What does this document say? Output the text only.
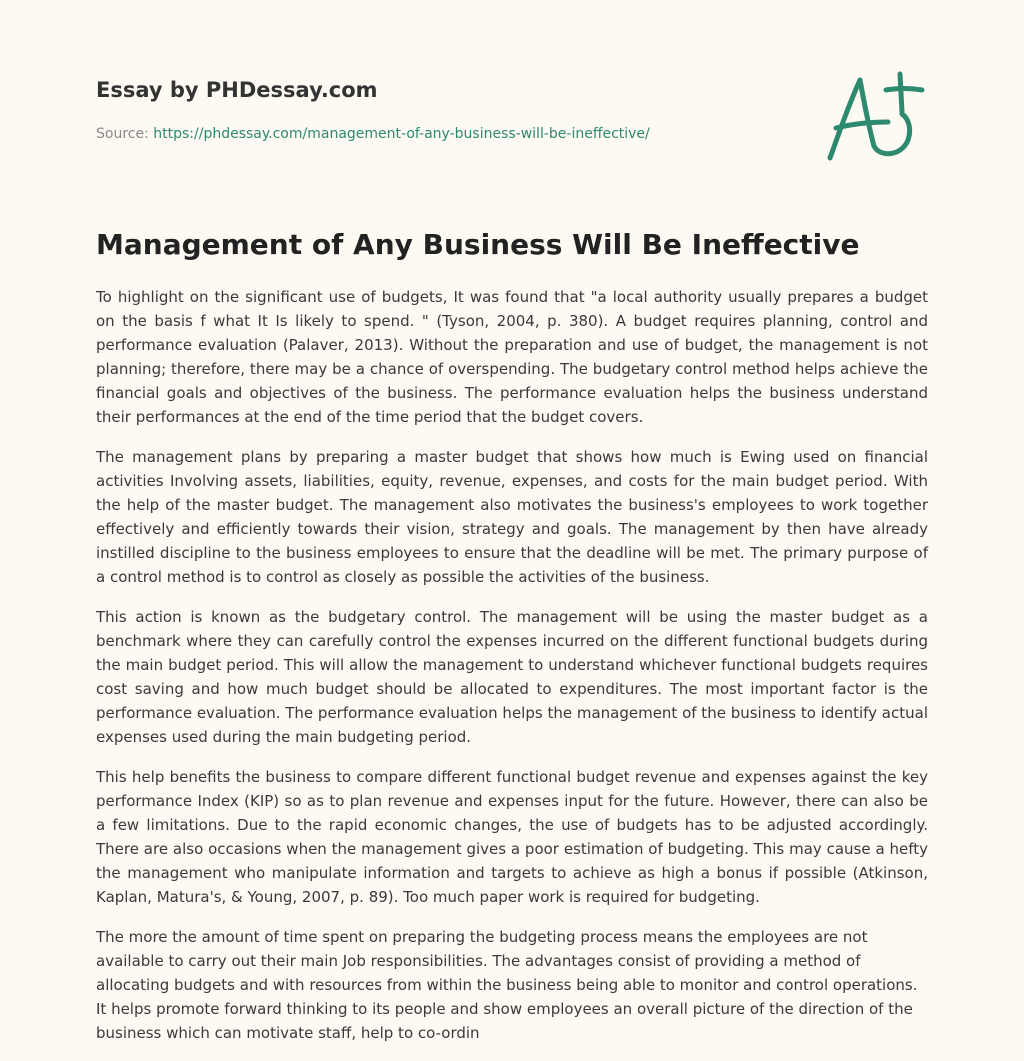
Essay by PHDessay.com
Source: https://phdessay.com/management-of-any-business-will-be-ineffective/
Management of Any Business Will Be Ineffective

To highlight on the significant use of budgets, It was found that "a local authority usually prepares a budget on the basis f what It Is likely to spend. " (Tyson, 2004, p. 380). A budget requires planning, control and performance evaluation (Palaver, 2013). Without the preparation and use of budget, the management is not planning; therefore, there may be a chance of overspending. The budgetary control method helps achieve the financial goals and objectives of the business. The performance evaluation helps the business understand their performances at the end of the time period that the budget covers.

The management plans by preparing a master budget that shows how much is Ewing used on financial activities Involving assets, liabilities, equity, revenue, expenses, and costs for the main budget period. With the help of the master budget. The management also motivates the business's employees to work together effectively and efficiently towards their vision, strategy and goals. The management by then have already instilled discipline to the business employees to ensure that the deadline will be met. The primary purpose of a control method is to control as closely as possible the activities of the business.

This action is known as the budgetary control. The management will be using the master budget as a benchmark where they can carefully control the expenses incurred on the different functional budgets during the main budget period. This will allow the management to understand whichever functional budgets requires cost saving and how much budget should be allocated to expenditures. The most important factor is the performance evaluation. The performance evaluation helps the management of the business to identify actual expenses used during the main budgeting period.

This help benefits the business to compare different functional budget revenue and expenses against the key performance Index (KIP) so as to plan revenue and expenses input for the future. However, there can also be a few limitations. Due to the rapid economic changes, the use of budgets has to be adjusted accordingly. There are also occasions when the management gives a poor estimation of budgeting. This may cause a hefty the management who manipulate information and targets to achieve as high a bonus if possible (Atkinson, Kaplan, Matura's, & Young, 2007, p. 89). Too much paper work is required for budgeting.

The more the amount of time spent on preparing the budgeting process means the employees are not available to carry out their main Job responsibilities. The advantages consist of providing a method of allocating budgets and with resources from within the business being able to monitor and control operations. It helps promote forward thinking to its people and show employees an overall picture of the direction of the business which can motivate staff, help to co-ordin
